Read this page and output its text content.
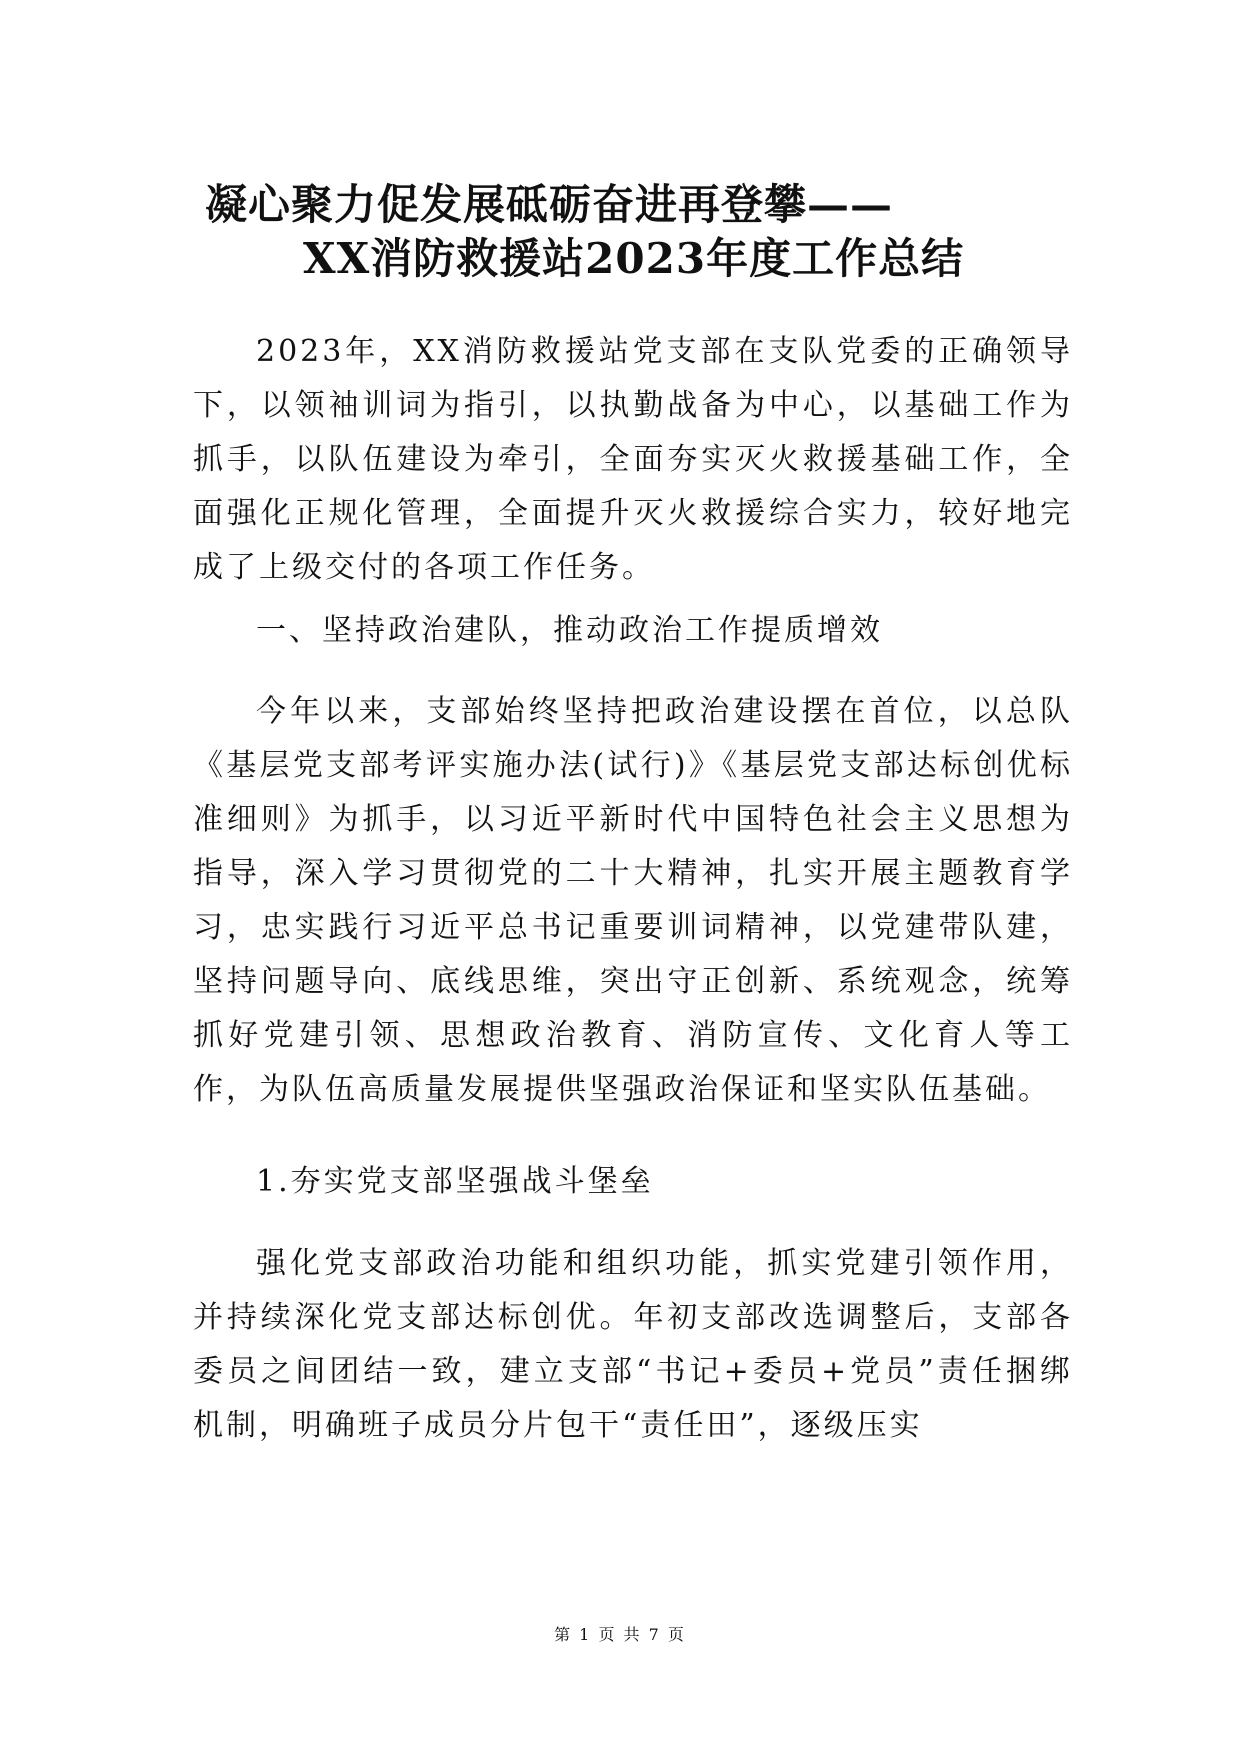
凝心聚力促发展砥砺奋进再登攀——
XX消防救援站2023年度工作总结

2023年，XX消防救援站党支部在支队党委的正确领导下，以领袖训词为指引，以执勤战备为中心，以基础工作为抓手，以队伍建设为牵引，全面夯实灭火救援基础工作，全面强化正规化管理，全面提升灭火救援综合实力，较好地完成了上级交付的各项工作任务。

一、坚持政治建队，推动政治工作提质增效

今年以来，支部始终坚持把政治建设摆在首位，以总队《基层党支部考评实施办法(试行)》《基层党支部达标创优标准细则》为抓手，以习近平新时代中国特色社会主义思想为指导，深入学习贯彻党的二十大精神，扎实开展主题教育学习，忠实践行习近平总书记重要训词精神，以党建带队建，坚持问题导向、底线思维，突出守正创新、系统观念，统筹抓好党建引领、思想政治教育、消防宣传、文化育人等工作，为队伍高质量发展提供坚强政治保证和坚实队伍基础。

1.夯实党支部坚强战斗堡垒

强化党支部政治功能和组织功能，抓实党建引领作用，并持续深化党支部达标创优。年初支部改选调整后，支部各委员之间团结一致，建立支部“书记+委员+党员”责任捆绑机制，明确班子成员分片包干“责任田”，逐级压实

第 1 页 共 7 页
